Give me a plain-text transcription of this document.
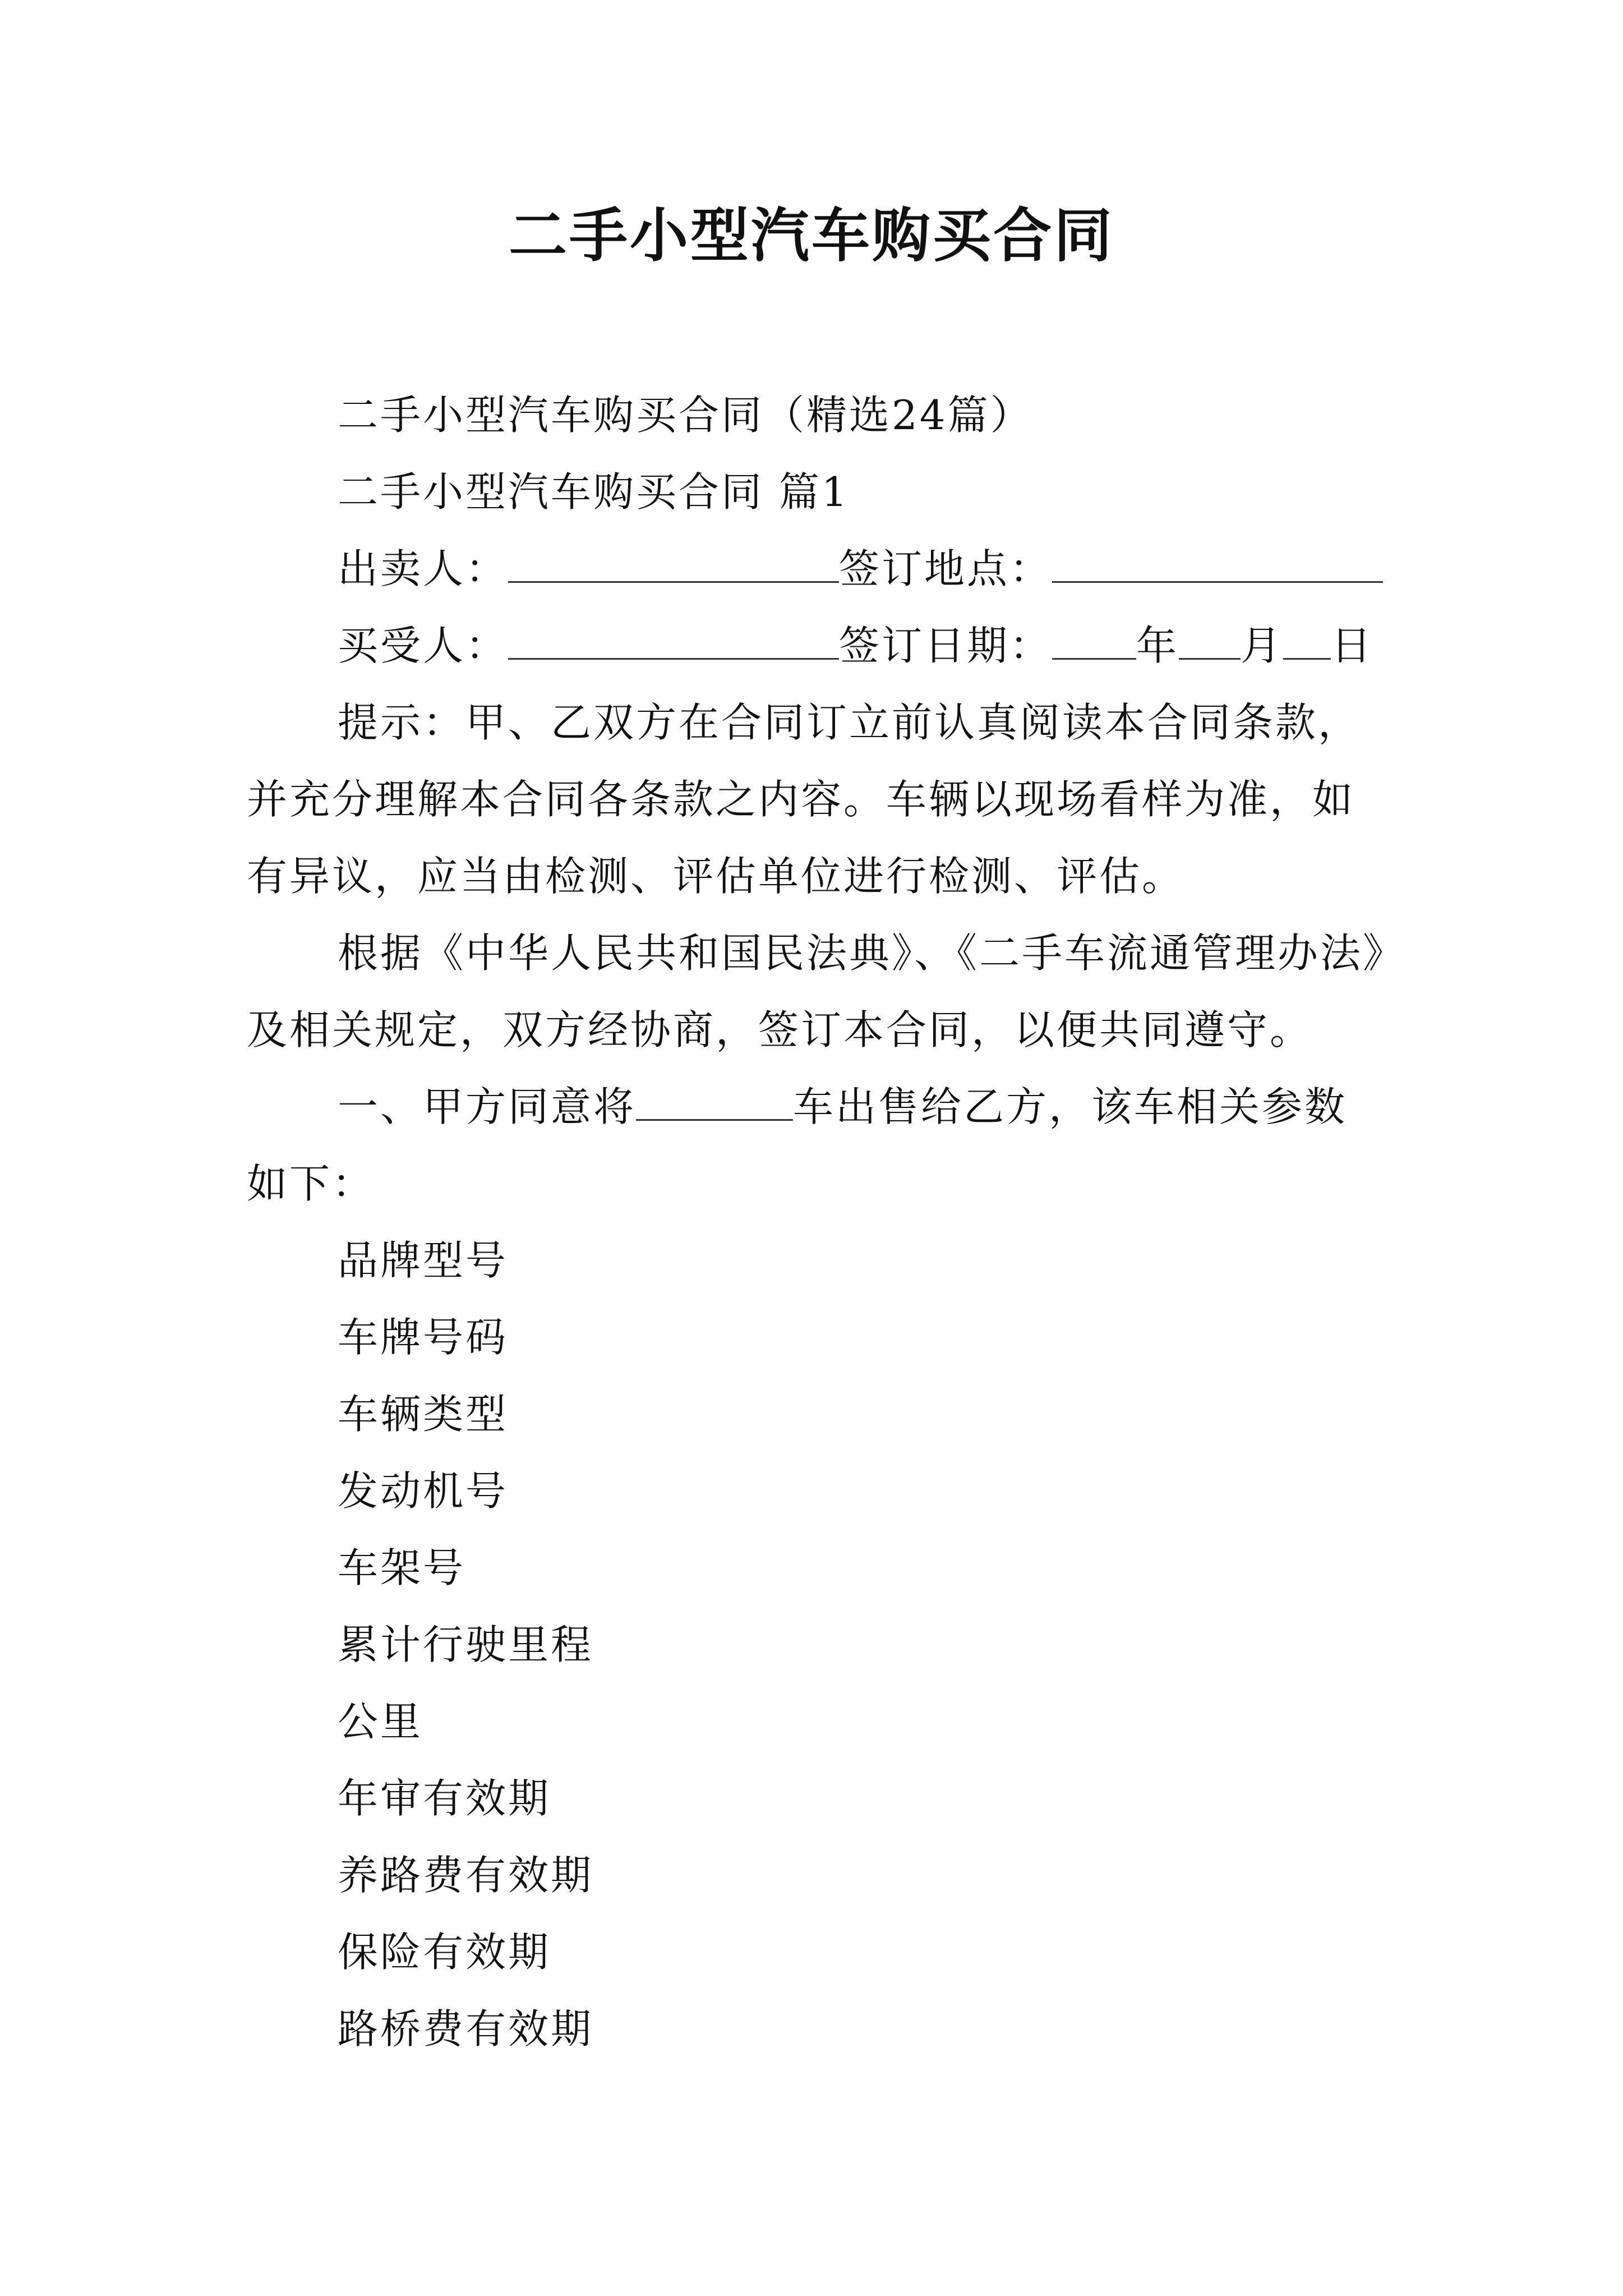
二手小型汽车购买合同
二手小型汽车购买合同（精选24篇）
二手小型汽车购买合同 篇1
出卖人：	签订地点：
买受人：	签订日期： 年 月 日
提示：甲、乙双方在合同订立前认真阅读本合同条款，
并充分理解本合同各条款之内容。车辆以现场看样为准，如
有异议，应当由检测、评估单位进行检测、评估。
根据《中华人民共和国民法典》、《二手车流通管理办法》
及相关规定，双方经协商，签订本合同，以便共同遵守。
一、甲方同意将	车出售给乙方，该车相关参数
如下：
品牌型号
车牌号码
车辆类型
发动机号
车架号
累计行驶里程
公里
年审有效期
养路费有效期
保险有效期
路桥费有效期
